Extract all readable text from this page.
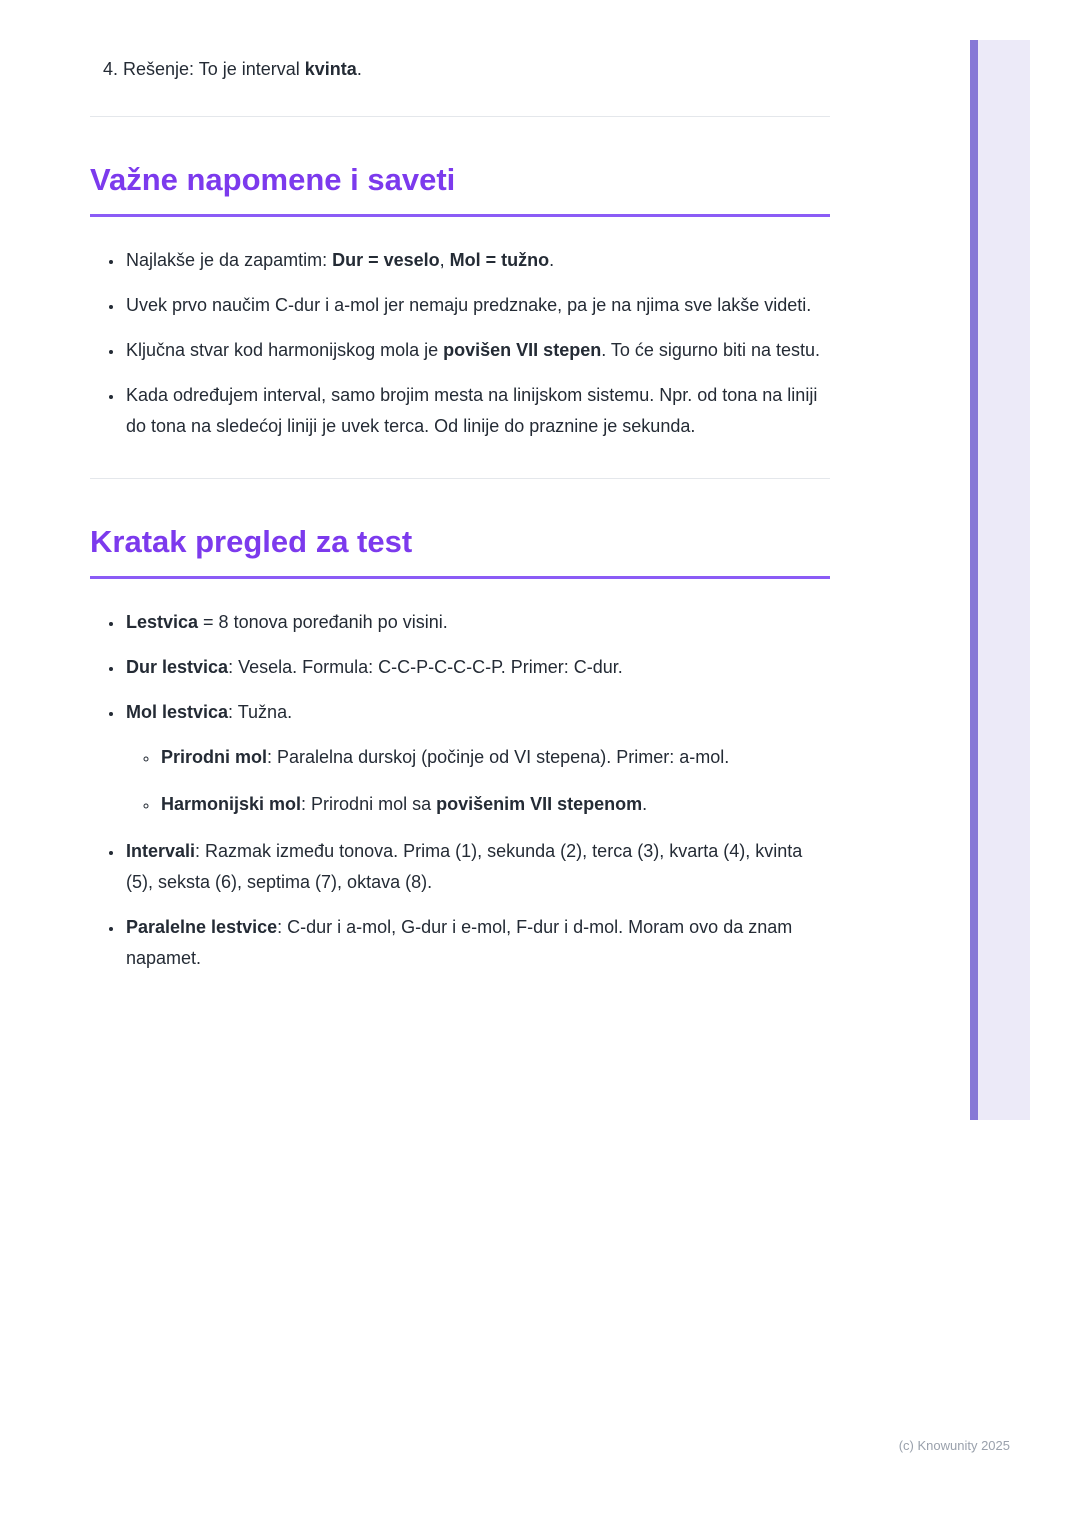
4. Rešenje: To je interval kvinta.

Važne napomene i saveti
• Najlakše je da zapamtim: Dur = veselo, Mol = tužno.
• Uvek prvo naučim C-dur i a-mol jer nemaju predznake, pa je na njima sve lakše videti.
• Ključna stvar kod harmonijskog mola je povišen VII stepen. To će sigurno biti na testu.
• Kada određujem interval, samo brojim mesta na linijskom sistemu. Npr. od tona na liniji do tona na sledećoj liniji je uvek terca. Od linije do praznine je sekunda.
Kratak pregled za test
• Lestvica = 8 tonova poređanih po visini.
• Dur lestvica: Vesela. Formula: C-C-P-C-C-C-P. Primer: C-dur.
• Mol lestvica: Tužna.
◦ Prirodni mol: Paralelna durskoj (počinje od VI stepena). Primer: a-mol.
◦ Harmonijski mol: Prirodni mol sa povišenim VII stepenom.
• Intervali: Razmak između tonova. Prima (1), sekunda (2), terca (3), kvarta (4), kvinta (5), seksta (6), septima (7), oktava (8).
• Paralelne lestvice: C-dur i a-mol, G-dur i e-mol, F-dur i d-mol. Moram ovo da znam napamet.
(c) Knowunity 2025
